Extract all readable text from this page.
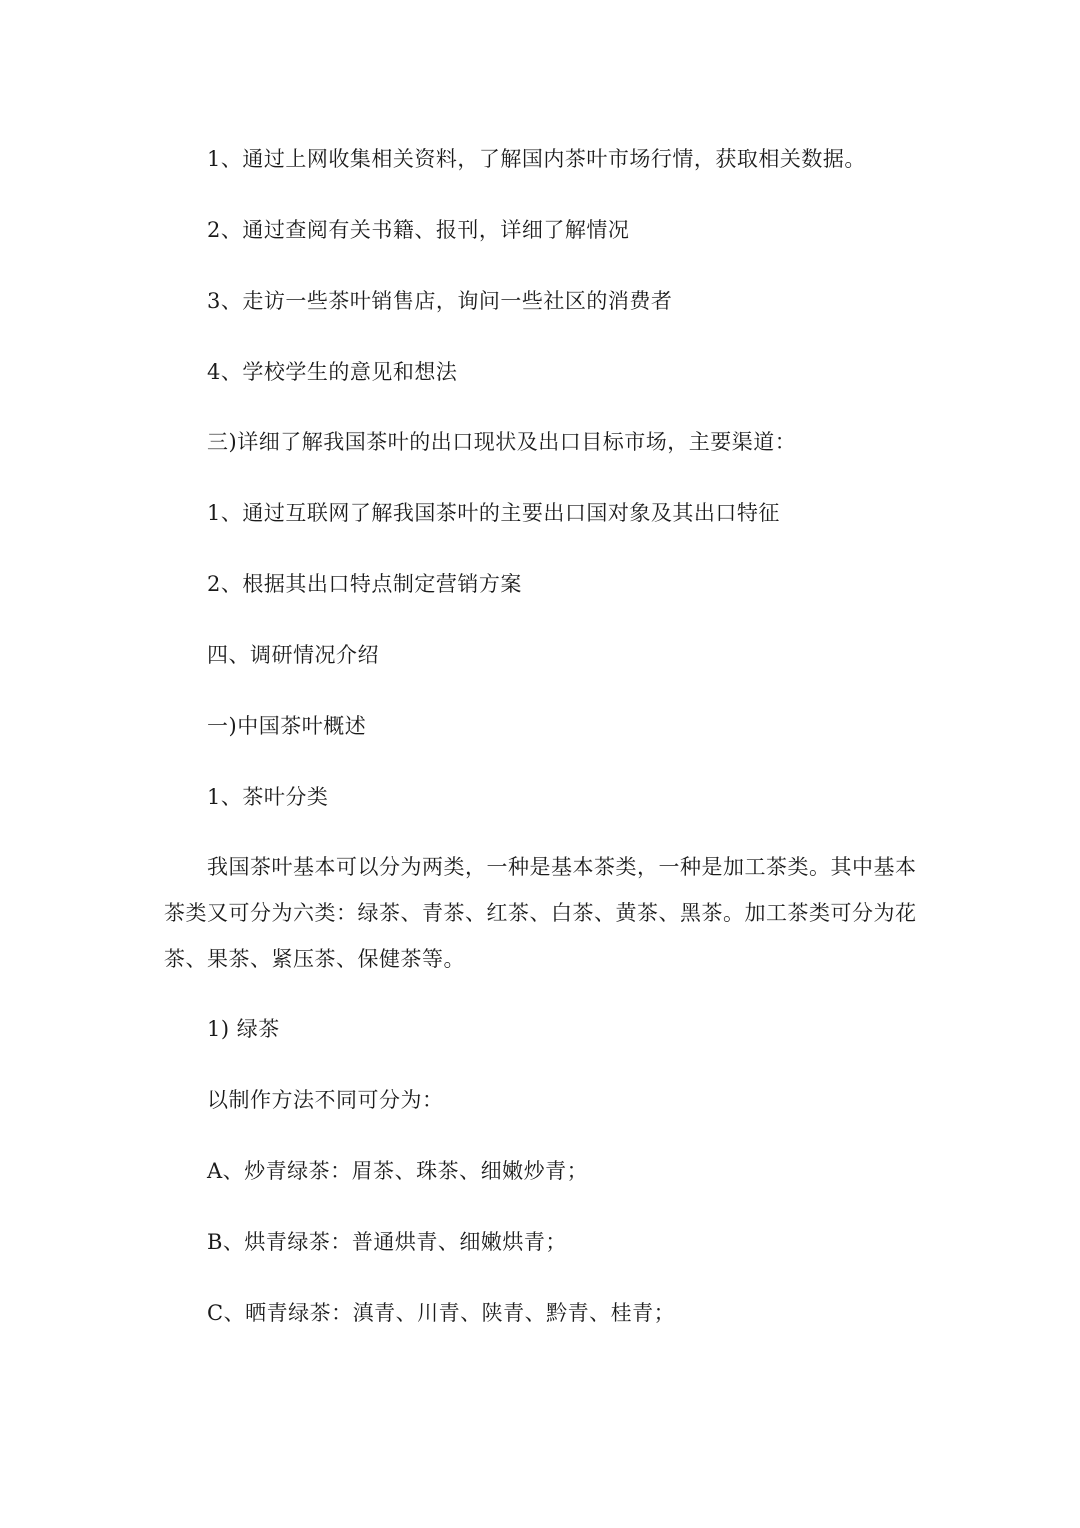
1、通过上网收集相关资料，了解国内茶叶市场行情，获取相关数据。
2、通过查阅有关书籍、报刊，详细了解情况
3、走访一些茶叶销售店，询问一些社区的消费者
4、学校学生的意见和想法
三)详细了解我国茶叶的出口现状及出口目标市场，主要渠道：
1、通过互联网了解我国茶叶的主要出口国对象及其出口特征
2、根据其出口特点制定营销方案
四、调研情况介绍
一)中国茶叶概述
1、茶叶分类
我国茶叶基本可以分为两类，一种是基本茶类，一种是加工茶类。其中基本茶类又可分为六类：绿茶、青茶、红茶、白茶、黄茶、黑茶。加工茶类可分为花茶、果茶、紧压茶、保健茶等。
1) 绿茶
以制作方法不同可分为：
A、炒青绿茶：眉茶、珠茶、细嫩炒青；
B、烘青绿茶：普通烘青、细嫩烘青；
C、晒青绿茶：滇青、川青、陕青、黔青、桂青；
